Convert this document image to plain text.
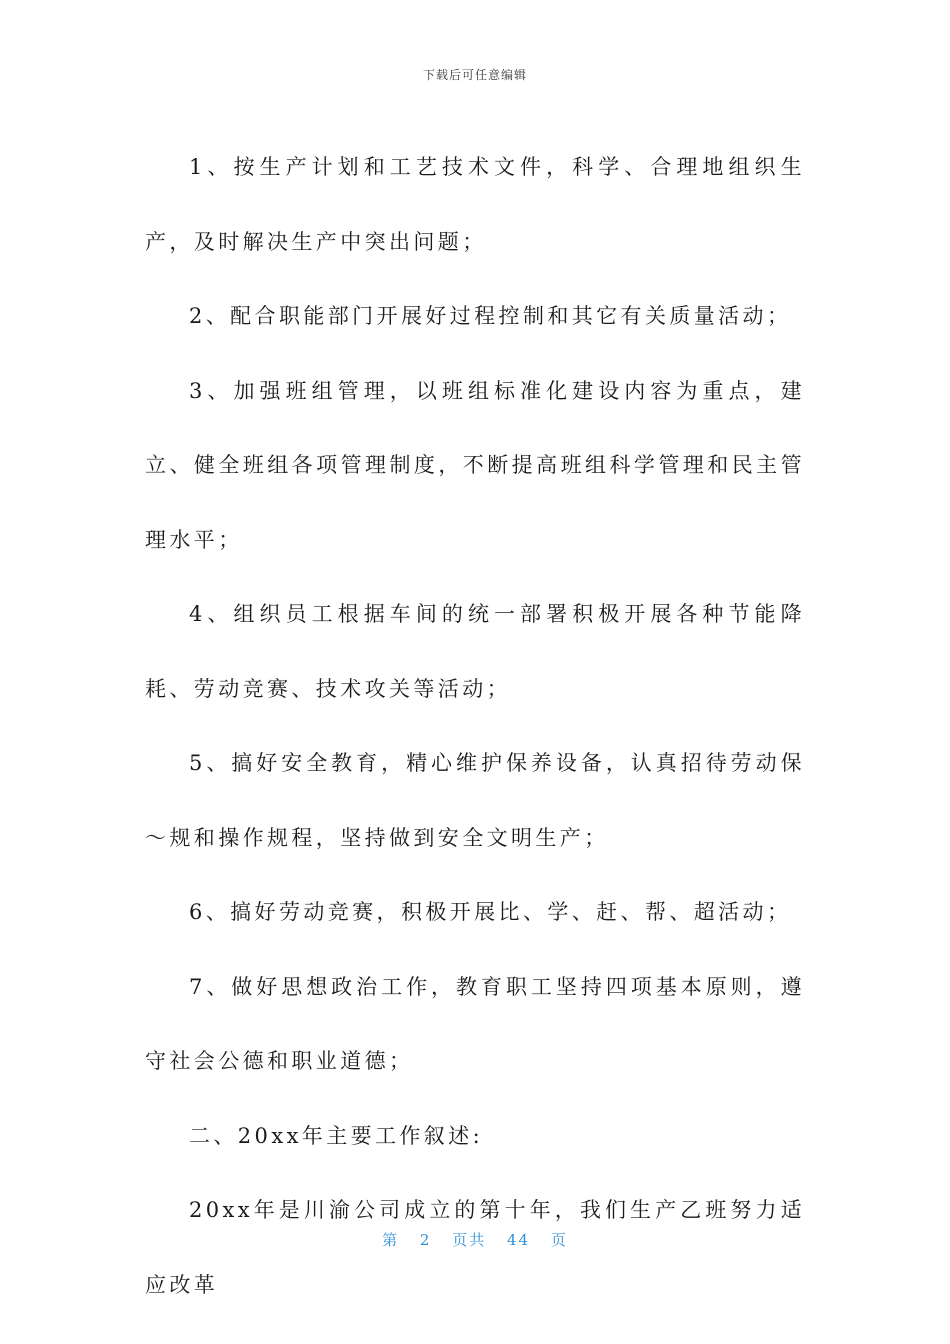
下载后可任意编辑

1、按生产计划和工艺技术文件，科学、合理地组织生产，及时解决生产中突出问题；

2、配合职能部门开展好过程控制和其它有关质量活动；

3、加强班组管理，以班组标准化建设内容为重点，建立、健全班组各项管理制度，不断提高班组科学管理和民主管理水平；

4、组织员工根据车间的统一部署积极开展各种节能降耗、劳动竞赛、技术攻关等活动；

5、搞好安全教育，精心维护保养设备，认真招待劳动保～规和操作规程，坚持做到安全文明生产；

6、搞好劳动竞赛，积极开展比、学、赶、帮、超活动；

7、做好思想政治工作，教育职工坚持四项基本原则，遵守社会公德和职业道德；

二、20xx年主要工作叙述:

20xx年是川渝公司成立的第十年，我们生产乙班努力适应改革

第 2 页共 44 页
